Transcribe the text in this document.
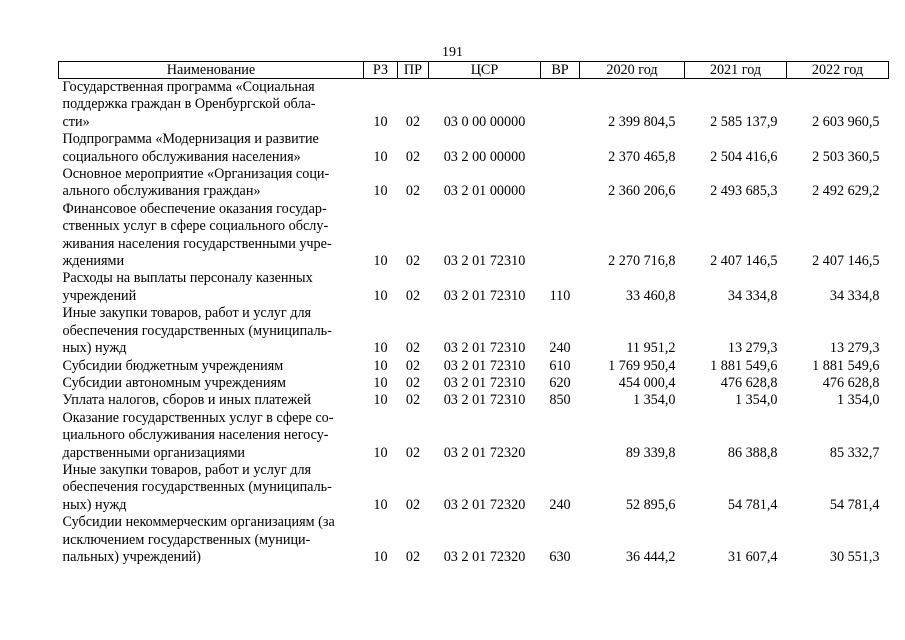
191
Наименование	РЗ	ПР	ЦСР	ВР	2020 год	2021 год	2022 год
Государственная программа «Социальная
поддержка граждан в Оренбургской обла-
сти»	10	02	03 0 00 00000		2 399 804,5	2 585 137,9	2 603 960,5
Подпрограмма «Модернизация и развитие
социального обслуживания населения»	10	02	03 2 00 00000		2 370 465,8	2 504 416,6	2 503 360,5
Основное мероприятие «Организация соци-
ального обслуживания граждан»	10	02	03 2 01 00000		2 360 206,6	2 493 685,3	2 492 629,2
Финансовое обеспечение оказания государ-
ственных услуг в сфере социального обслу-
живания населения государственными учре-
ждениями	10	02	03 2 01 72310		2 270 716,8	2 407 146,5	2 407 146,5
Расходы на выплаты персоналу казенных
учреждений	10	02	03 2 01 72310	110	33 460,8	34 334,8	34 334,8
Иные закупки товаров, работ и услуг для
обеспечения государственных (муниципаль-
ных) нужд	10	02	03 2 01 72310	240	11 951,2	13 279,3	13 279,3
Субсидии бюджетным учреждениям	10	02	03 2 01 72310	610	1 769 950,4	1 881 549,6	1 881 549,6
Субсидии автономным учреждениям	10	02	03 2 01 72310	620	454 000,4	476 628,8	476 628,8
Уплата налогов, сборов и иных платежей	10	02	03 2 01 72310	850	1 354,0	1 354,0	1 354,0
Оказание государственных услуг в сфере со-
циального обслуживания населения негосу-
дарственными организациями	10	02	03 2 01 72320		89 339,8	86 388,8	85 332,7
Иные закупки товаров, работ и услуг для
обеспечения государственных (муниципаль-
ных) нужд	10	02	03 2 01 72320	240	52 895,6	54 781,4	54 781,4
Субсидии некоммерческим организациям (за
исключением государственных (муници-
пальных) учреждений)	10	02	03 2 01 72320	630	36 444,2	31 607,4	30 551,3
